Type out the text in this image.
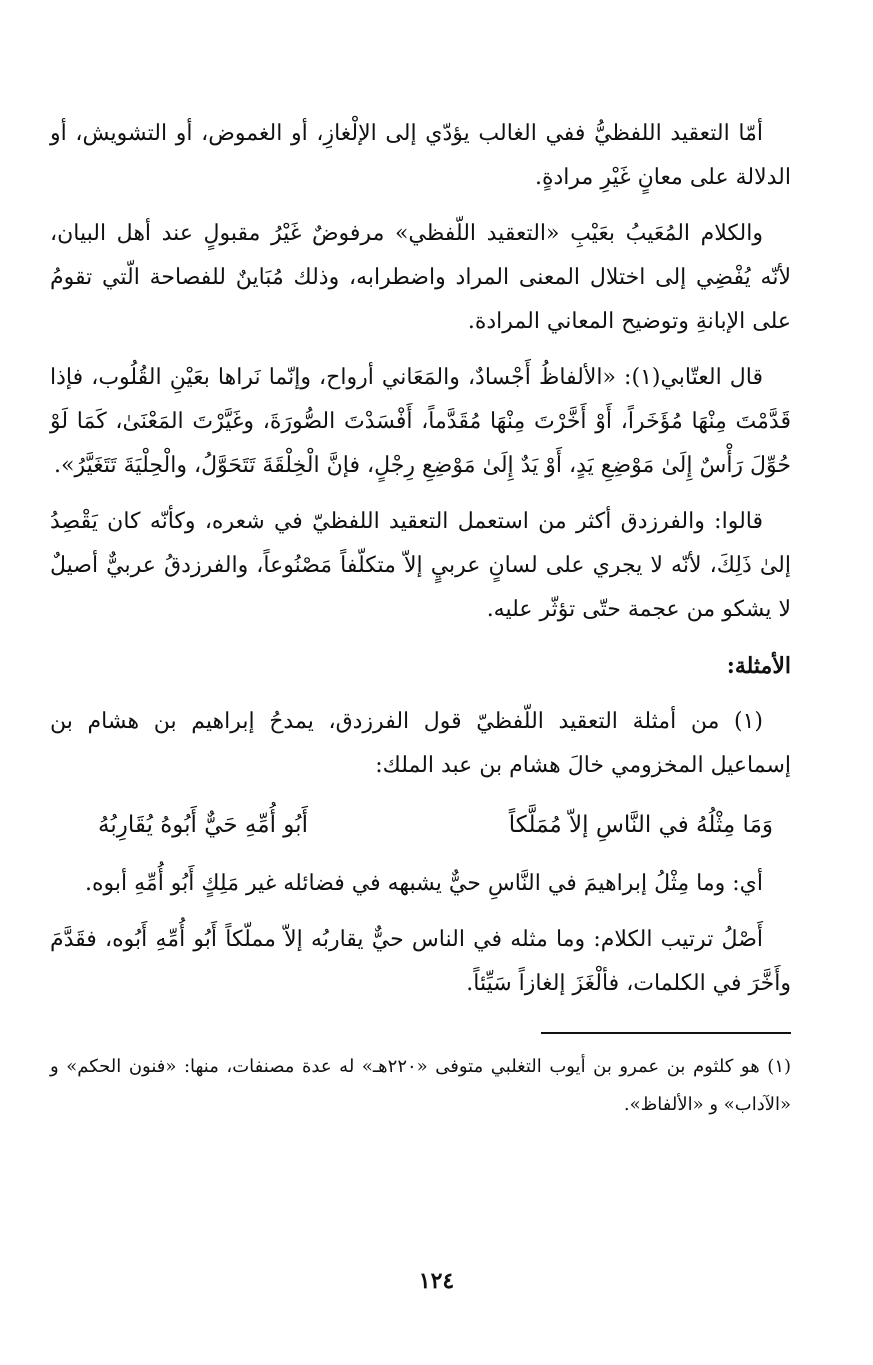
أمّا التعقيد اللفظيُّ ففي الغالب يؤدّي إلى الإلْغازِ، أو الغموض، أو التشويش، أو الدلالة على معانٍ غَيْرِ مرادةٍ.

والكلام المُعَيبُ بعَيْبِ «التعقيد اللّفظي» مرفوضٌ غَيْرُ مقبولٍ عند أهل البيان، لأنّه يُفْضِي إلى اختلال المعنى المراد واضطرابه، وذلك مُبَاينٌ للفصاحة الّتي تقومُ على الإبانةِ وتوضيح المعاني المرادة.

قال العتّابي(١): «الألفاظُ أَجْسادٌ، والمَعَاني أرواح، وإنّما نَراها بعَيْنِ القُلُوب، فإذا قَدَّمْتَ مِنْهَا مُؤَخَراً، أَوْ أَخَّرْتَ مِنْهَا مُقَدَّماً، أَفْسَدْتَ الصُّورَةَ، وغَيَّرْتَ المَعْنَىٰ، كَمَا لَوْ حُوِّلَ رَأْسٌ إِلَىٰ مَوْضِعِ يَدٍ، أَوْ يَدٌ إِلَىٰ مَوْضِعِ رِجْلٍ، فإنَّ الْخِلْقَةَ تَتَحَوَّلُ، والْحِلْيَةَ تَتَغَيَّرُ».

قالوا: والفرزدق أكثر من استعمل التعقيد اللفظيّ في شعره، وكأنّه كان يَقْصِدُ إلىٰ ذَلِكَ، لأنّه لا يجري على لسانٍ عربيٍ إلاّ متكلّفاً مَصْنُوعاً، والفرزدقُ عربيٌّ أصيلٌ لا يشكو من عجمة حتّى تؤثّر عليه.

الأمثلة:

(١) من أمثلة التعقيد اللّفظيّ قول الفرزدق، يمدحُ إبراهيم بن هشام بن إسماعيل المخزومي خالَ هشام بن عبد الملك:

وَمَا مِثْلُهُ في النَّاسِ إلاّ مُمَلَّكاً
أَبُو أُمِّهِ حَيٌّ أَبُوهُ يُقَارِبُهُ

أي: وما مِثْلُ إبراهيمَ في النَّاسِ حيٌّ يشبهه في فضائله غير مَلِكٍ أَبُو أُمِّهِ أبوه.

أَصْلُ ترتيب الكلام: وما مثله في الناس حيٌّ يقاربُه إلاّ مملّكاً أَبُو أُمِّهِ أَبُوه، فقَدَّمَ وأَخَّرَ في الكلمات، فألْغَزَ إلغازاً سَيِّئاً.

(١) هو كلثوم بن عمرو بن أيوب التغلبي متوفى «٢٢٠هـ» له عدة مصنفات، منها: «فنون الحكم» و «الآداب» و «الألفاظ».

١٢٤
